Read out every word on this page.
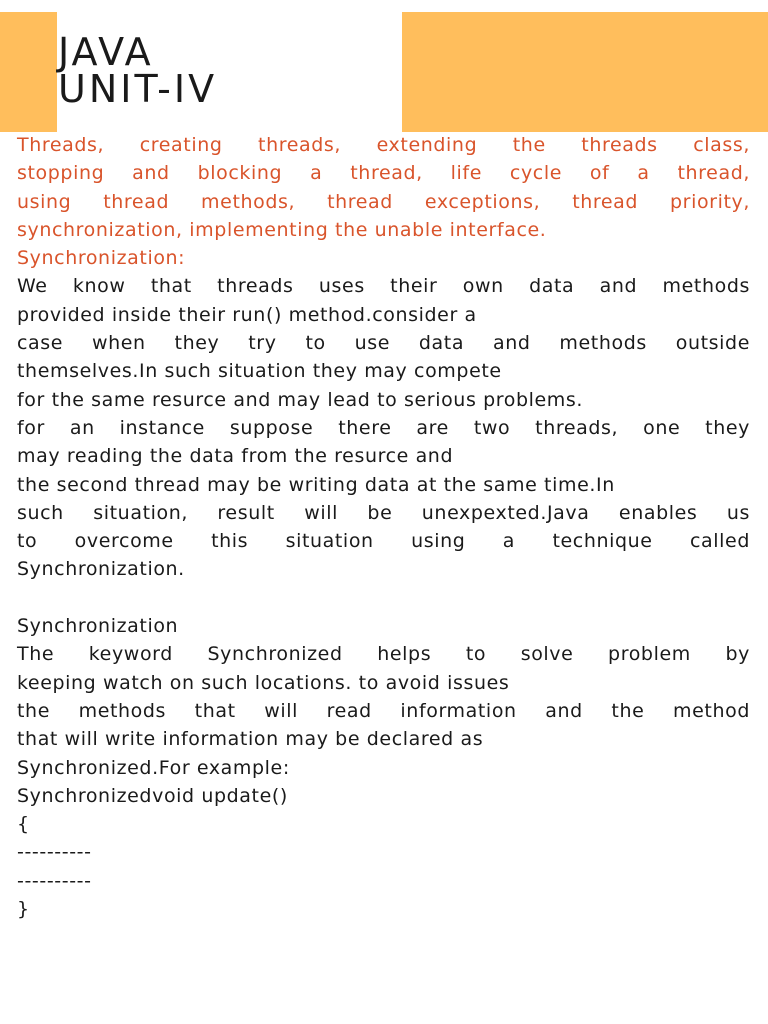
JAVA
UNIT-IV
Threads, creating threads, extending the threads class,
stopping and blocking a thread, life cycle of a thread,
using thread methods, thread exceptions, thread priority,
synchronization, implementing the unable interface.
Synchronization:
We know that threads uses their own data and methods
provided inside their run() method.consider a
case when they try to use data and methods outside
themselves.In such situation they may compete
for the same resurce and may lead to serious problems.
for an instance suppose there are two threads, one they
may reading the data from the resurce and
the second thread may be writing data at the same time.In
such situation, result will be unexpexted.Java enables us
to overcome this situation using a technique called
Synchronization.
Synchronization
The keyword Synchronized helps to solve problem by
keeping watch on such locations. to avoid issues
the methods that will read information and the method
that will write information may be declared as
Synchronized.For example:
Synchronizedvoid update()
{
----------
----------
}
